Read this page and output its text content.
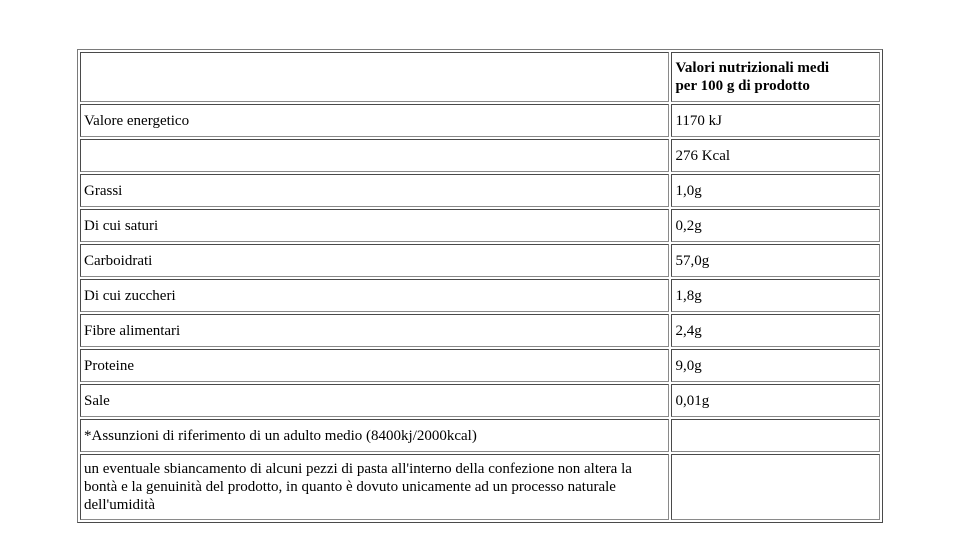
	Valori nutrizionali medi
per 100 g di prodotto

Valore energetico	1170 kJ
	276 Kcal
Grassi	1,0g
Di cui saturi	0,2g
Carboidrati	57,0g
Di cui zuccheri	1,8g
Fibre alimentari	2,4g
Proteine	9,0g
Sale	0,01g
*Assunzioni di riferimento di un adulto medio (8400kj/2000kcal)	
un eventuale sbiancamento di alcuni pezzi di pasta all'interno della confezione non altera la bontà e la genuinità del prodotto, in quanto è dovuto unicamente ad un processo naturale dell'umidità	
